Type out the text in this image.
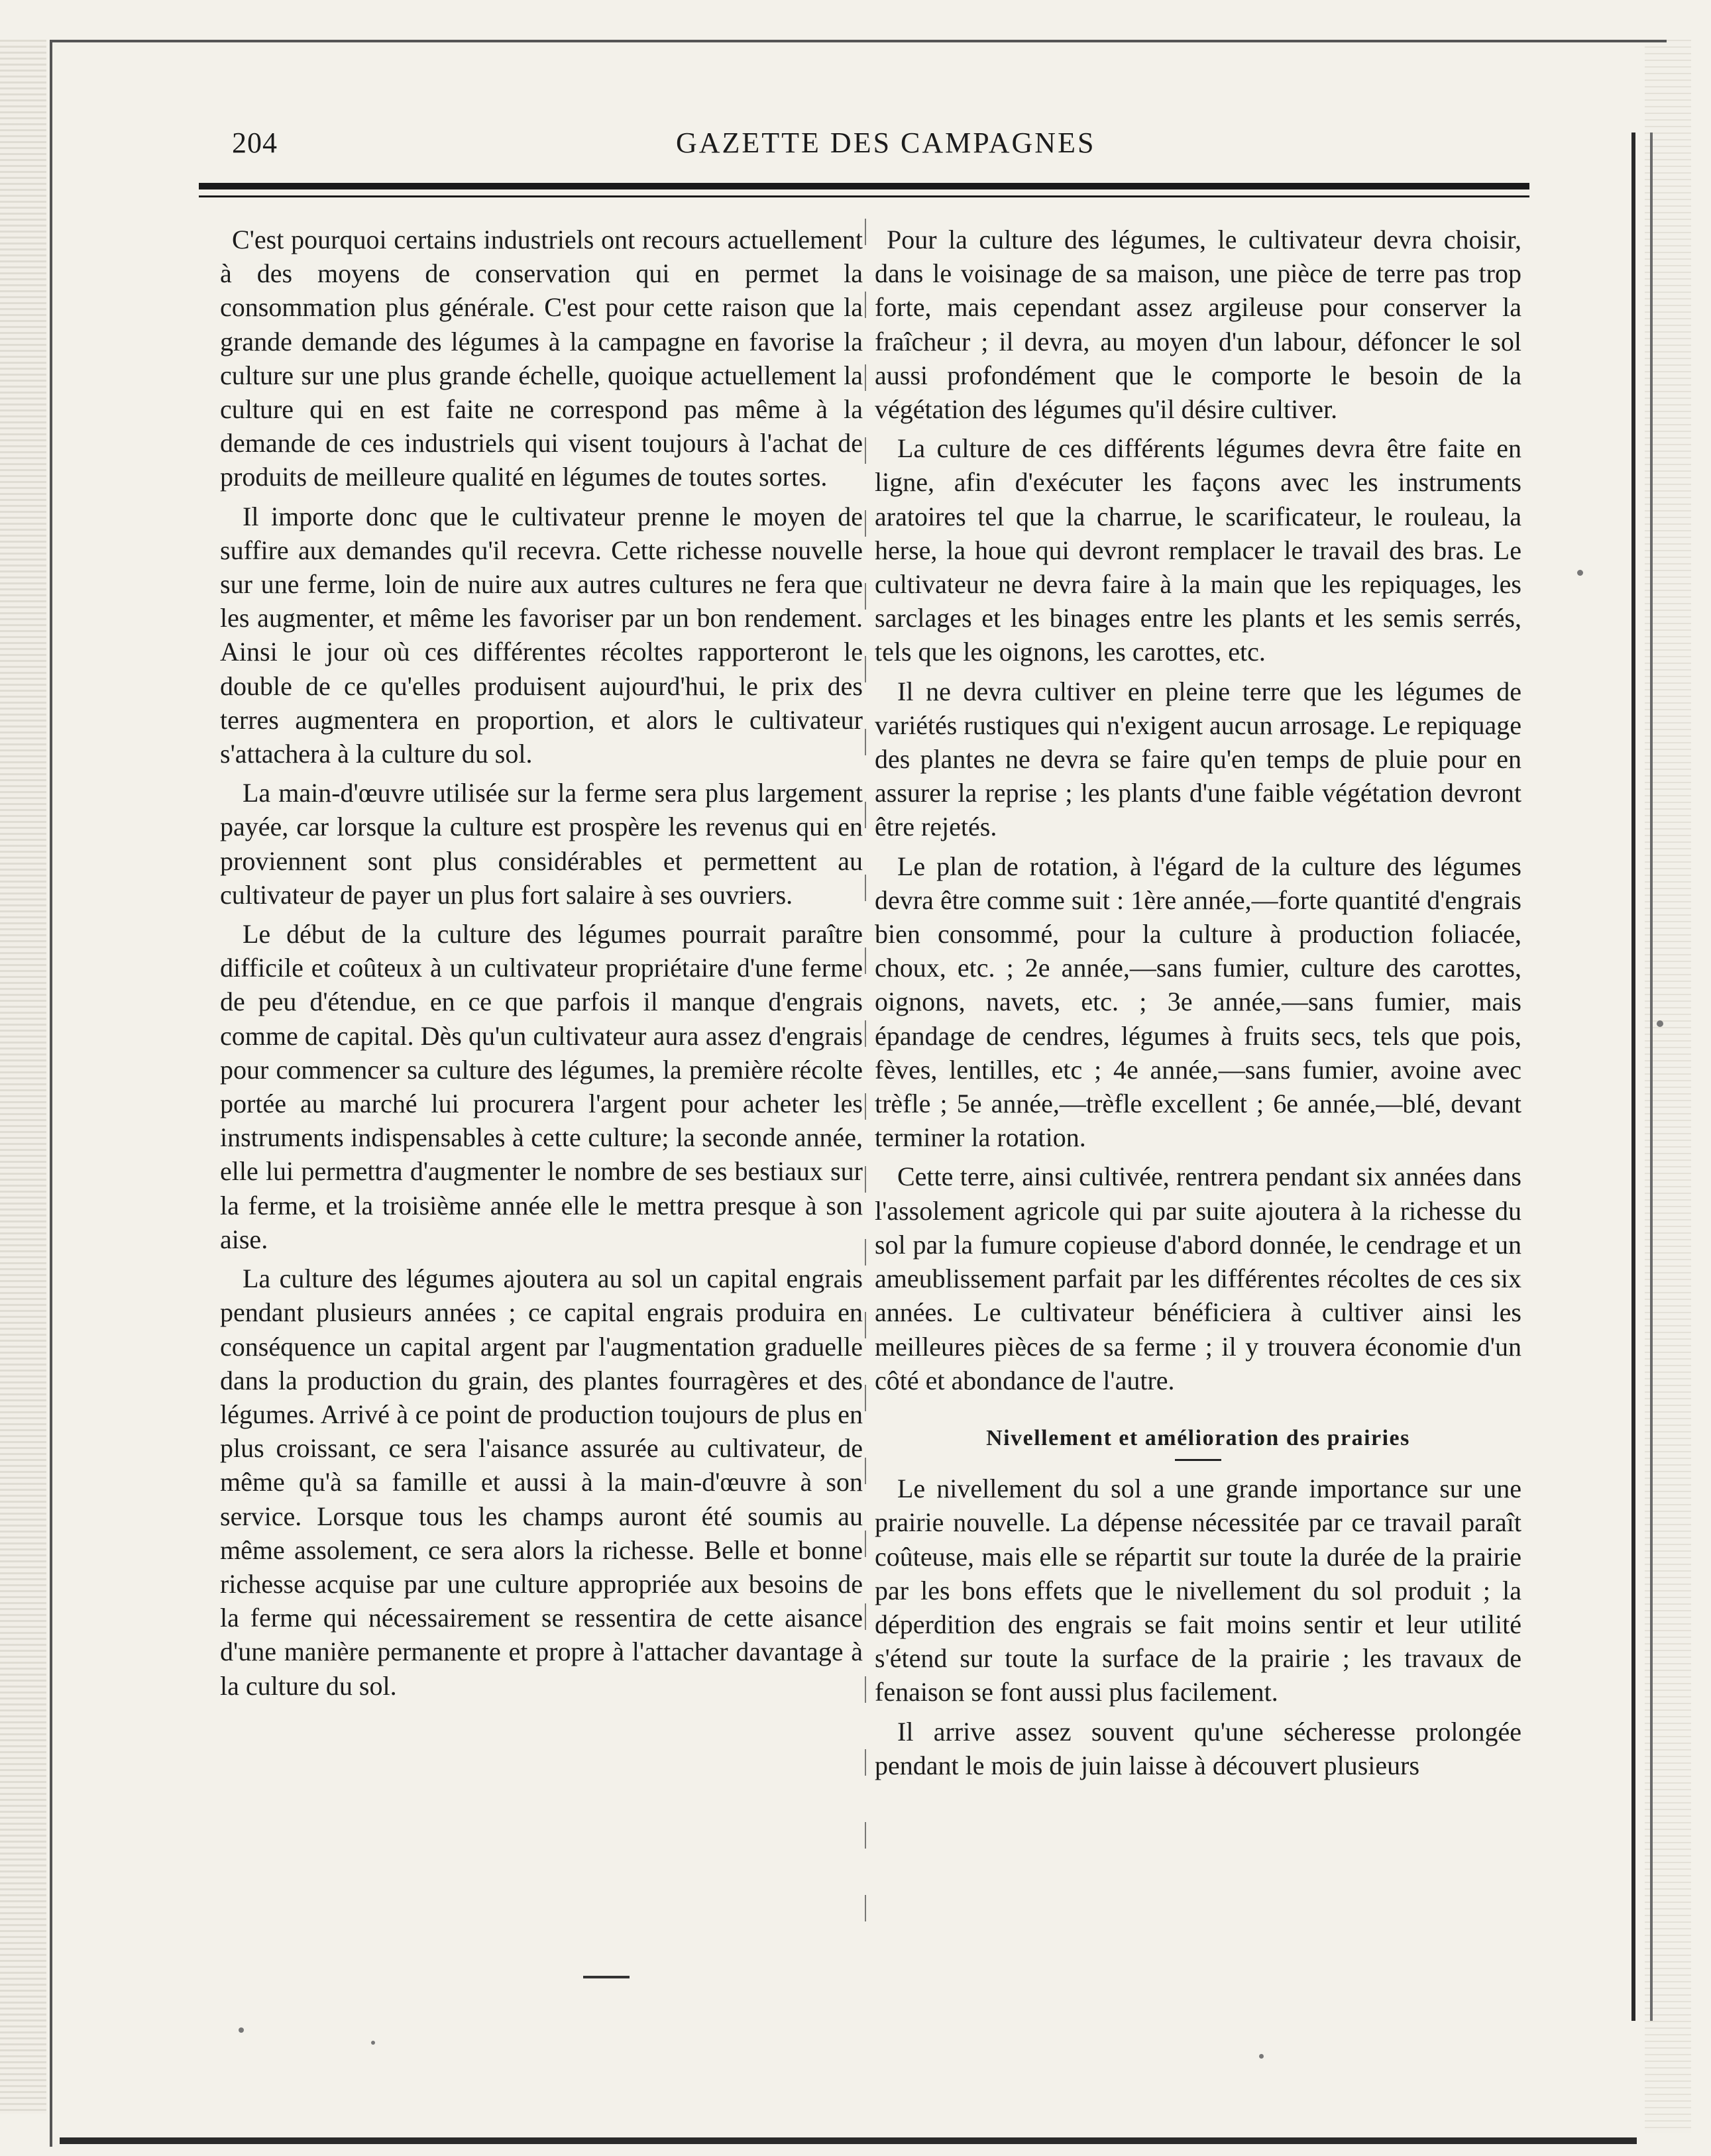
204	GAZETTE DES CAMPAGNES

C'est pourquoi certains industriels ont recours actuellement à des moyens de conservation qui en permet la consommation plus générale. C'est pour cette raison que la grande demande des légumes à la campagne en favorise la culture sur une plus grande échelle, quoique actuellement la culture qui en est faite ne correspond pas même à la demande de ces industriels qui visent toujours à l'achat de produits de meilleure qualité en légumes de toutes sortes.

Il importe donc que le cultivateur prenne le moyen de suffire aux demandes qu'il recevra. Cette richesse nouvelle sur une ferme, loin de nuire aux autres cultures ne fera que les augmenter, et même les favoriser par un bon rendement. Ainsi le jour où ces différentes récoltes rapporteront le double de ce qu'elles produisent aujourd'hui, le prix des terres augmentera en proportion, et alors le cultivateur s'attachera à la culture du sol.

La main-d'œuvre utilisée sur la ferme sera plus largement payée, car lorsque la culture est prospère les revenus qui en proviennent sont plus considérables et permettent au cultivateur de payer un plus fort salaire à ses ouvriers.

Le début de la culture des légumes pourrait paraître difficile et coûteux à un cultivateur propriétaire d'une ferme de peu d'étendue, en ce que parfois il manque d'engrais comme de capital. Dès qu'un cultivateur aura assez d'engrais pour commencer sa culture des légumes, la première récolte portée au marché lui procurera l'argent pour acheter les instruments indispensables à cette culture; la seconde année, elle lui permettra d'augmenter le nombre de ses bestiaux sur la ferme, et la troisième année elle le mettra presque à son aise.

La culture des légumes ajoutera au sol un capital engrais pendant plusieurs années ; ce capital engrais produira en conséquence un capital argent par l'augmentation graduelle dans la production du grain, des plantes fourragères et des légumes. Arrivé à ce point de production toujours de plus en plus croissant, ce sera l'aisance assurée au cultivateur, de même qu'à sa famille et aussi à la main-d'œuvre à son service. Lorsque tous les champs auront été soumis au même assolement, ce sera alors la richesse. Belle et bonne richesse acquise par une culture appropriée aux besoins de la ferme qui nécessairement se ressentira de cette aisance d'une manière permanente et propre à l'attacher davantage à la culture du sol.

Pour la culture des légumes, le cultivateur devra choisir, dans le voisinage de sa maison, une pièce de terre pas trop forte, mais cependant assez argileuse pour conserver la fraîcheur ; il devra, au moyen d'un labour, défoncer le sol aussi profondément que le comporte le besoin de la végétation des légumes qu'il désire cultiver.

La culture de ces différents légumes devra être faite en ligne, afin d'exécuter les façons avec les instruments aratoires tel que la charrue, le scarificateur, le rouleau, la herse, la houe qui devront remplacer le travail des bras. Le cultivateur ne devra faire à la main que les repiquages, les sarclages et les binages entre les plants et les semis serrés, tels que les oignons, les carottes, etc.

Il ne devra cultiver en pleine terre que les légumes de variétés rustiques qui n'exigent aucun arrosage. Le repiquage des plantes ne devra se faire qu'en temps de pluie pour en assurer la reprise ; les plants d'une faible végétation devront être rejetés.

Le plan de rotation, à l'égard de la culture des légumes devra être comme suit : 1ère année,—forte quantité d'engrais bien consommé, pour la culture à production foliacée, choux, etc. ; 2e année,—sans fumier, culture des carottes, oignons, navets, etc. ; 3e année,—sans fumier, mais épandage de cendres, légumes à fruits secs, tels que pois, fèves, lentilles, etc ; 4e année,—sans fumier, avoine avec trèfle ; 5e année,—trèfle excellent ; 6e année,—blé, devant terminer la rotation.

Cette terre, ainsi cultivée, rentrera pendant six années dans l'assolement agricole qui par suite ajoutera à la richesse du sol par la fumure copieuse d'abord donnée, le cendrage et un ameublissement parfait par les différentes récoltes de ces six années. Le cultivateur bénéficiera à cultiver ainsi les meilleures pièces de sa ferme ; il y trouvera économie d'un côté et abondance de l'autre.

Nivellement et amélioration des prairies

Le nivellement du sol a une grande importance sur une prairie nouvelle. La dépense nécessitée par ce travail paraît coûteuse, mais elle se répartit sur toute la durée de la prairie par les bons effets que le nivellement du sol produit ; la déperdition des engrais se fait moins sentir et leur utilité s'étend sur toute la surface de la prairie ; les travaux de fenaison se font aussi plus facilement.

Il arrive assez souvent qu'une sécheresse prolongée pendant le mois de juin laisse à découvert plusieurs
